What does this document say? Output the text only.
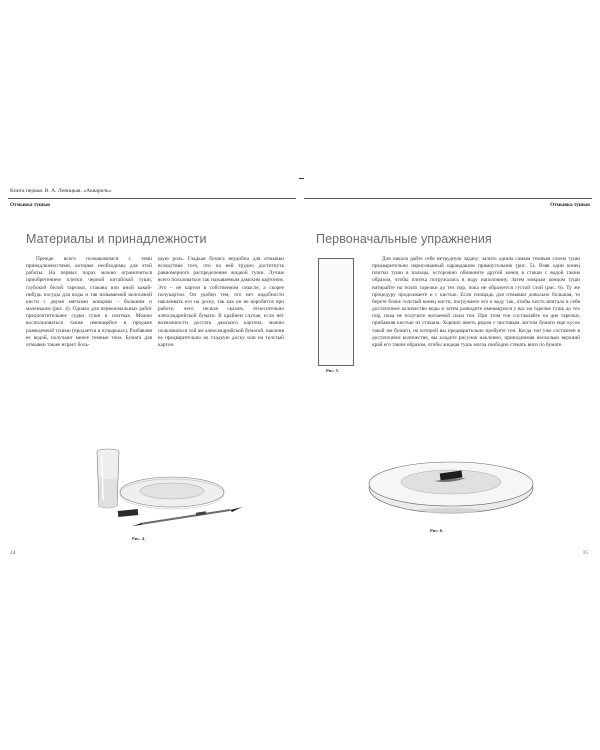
Книга первая. В. А. Левицкая. «Акварель»
Отмывка тушью
Материалы и принадлежности

Прежде всего познакомимся с теми принадлежностями, которые необходимы для этой работы. На первых порах можно ограничиться приобретением плитки черной китайской туши, глубокой белой тарелки, стакана или иной какой-нибудь посуды для воды и так называемой волосяной кисти с двумя мягкими концами – большим и маленьким (рис. 4). Однако для первоначальных работ предпочтительнее судки туши в плитках. Можно воспользоваться также имеющейся в продаже разведенной тушью (продается в пузырьках). Разбавляя ее водой, получают менее темные тона. Бумага для отмывки также играет боль-

шую роль. Гладкая бумага неудобна для отмывки вследствие того, что на ней трудно достигнуть равномерного распределения жидкой туши. Лучше всего пользоваться так называемым дамским картоном. Это – не картон в собственном смысле, а скорее полукартон. Он удобен тем, что нет надобности наклеивать его на доску, так как он не коробится при работе, чего нельзя сказать относительно александрийской бумаги. В крайнем случае, если нет возможности достать дамского картона, можно пользоваться той же александрийской бумагой, наклеив ее предварительно на гладкую доску или на толстый картон.

Рис. 4.
14
Отмывка тушью
Первоначальные упражнения
Рис. 5.

Для начала дайте себе нетрудную задачу: залить одним самым темным слоем туши предварительно нарисованный карандашом прямоугольник (рис. 5). Взяв один конец плитки туши в пальцы, осторожно обмакните другой конец в стакан с водой таким образом, чтобы плитка погружалась в воду наполовину. Затем мокрым концом туши натирайте на полях тарелки до тех пор, пока не образуется густой слой (рис. 6). Ту же процедуру продолжаете и с кистью. Если площадь для отмывки довольно большая, то берете более толстый конец кисти, погружаете его в воду так, чтобы кисть впитала в себя достаточное количество воды и затем разводите имеющуюся у вас на тарелке тушь до тех пор, пока не получите желаемой силы тон. При этом тон составляйте на дне тарелки, прибавляя кистью из стакана. Хорошо иметь рядом с чистовым листом бумаги еще кусок такой же бумаги, на которой вы предварительно пробуете тон. Когда тон уже составлен в достаточном количестве, вы кладете рисунок наклонно, приподнимая несколько верхний край его таким образом, чтобы жидкая тушь могла свободно стекать вниз по бумаге.

Рис. 6.
15
